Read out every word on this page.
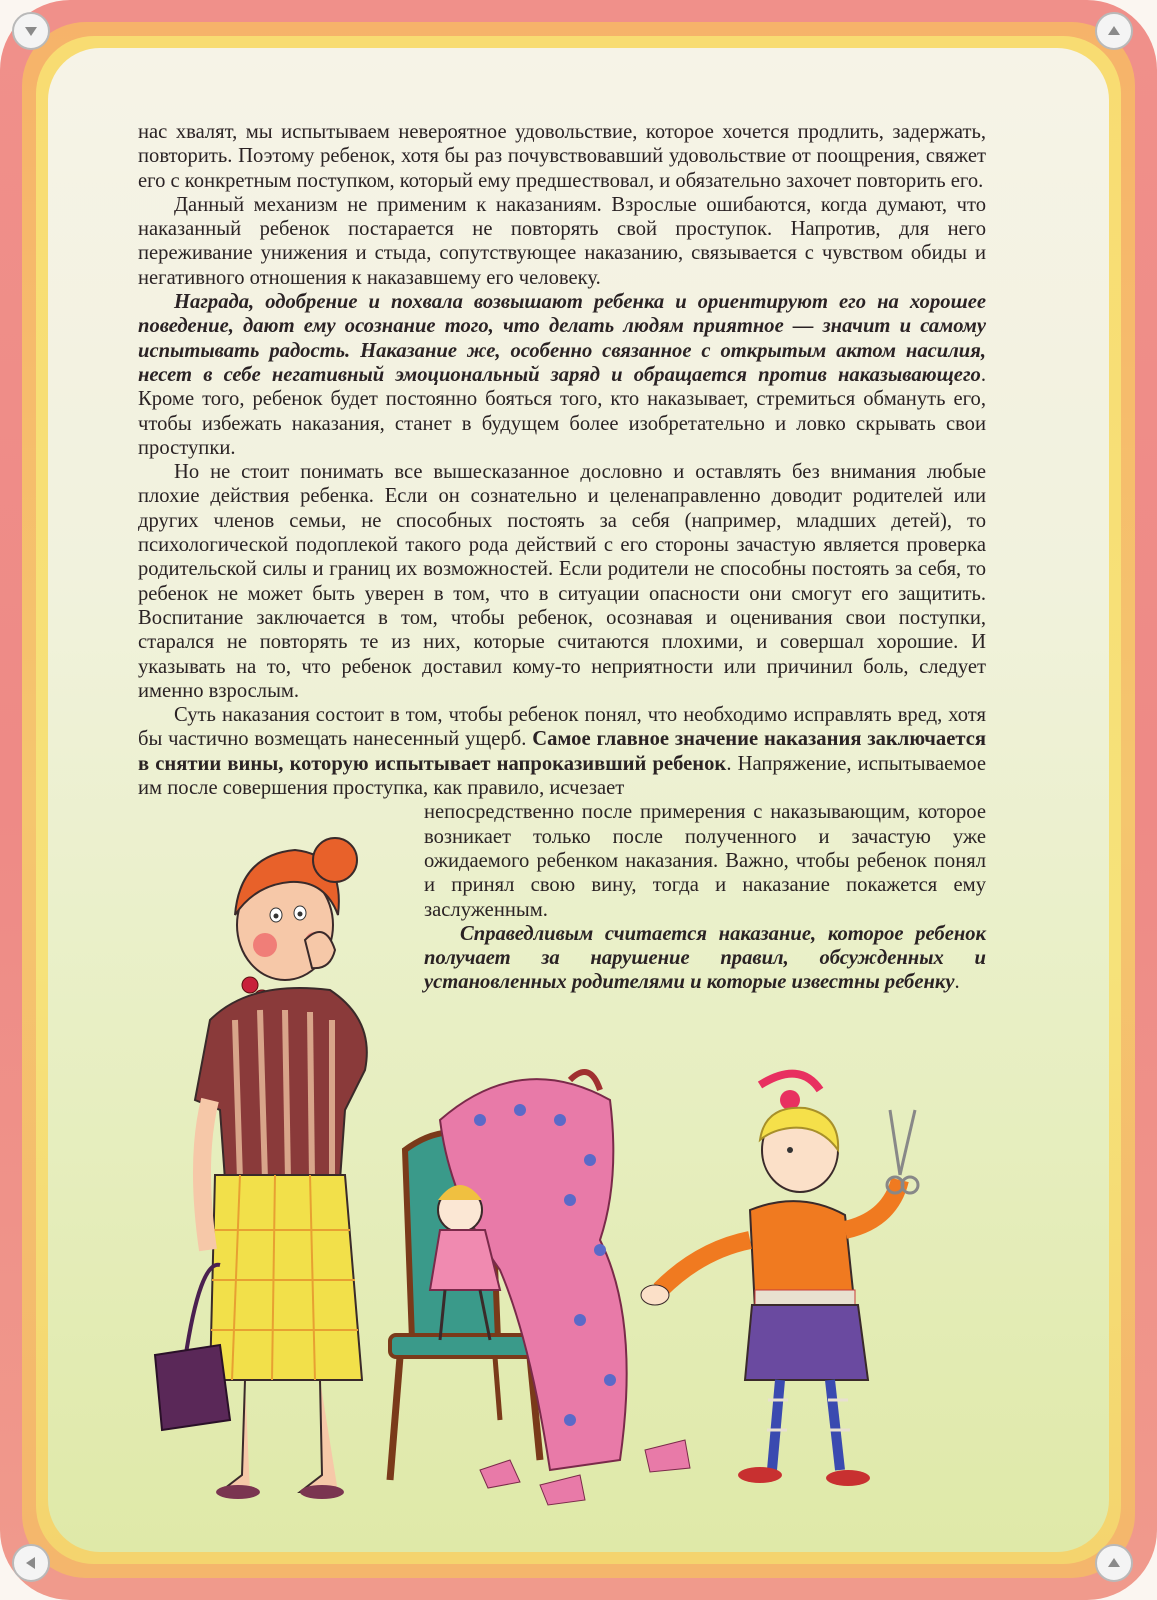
нас хвалят, мы испытываем невероятное удовольствие, которое хочется продлить, задержать, повторить. Поэтому ребенок, хотя бы раз почувствовавший удовольствие от поощрения, свяжет его с конкретным поступком, который ему предшествовал, и обязательно захочет повторить его.

Данный механизм не применим к наказаниям. Взрослые ошибаются, когда думают, что наказанный ребенок постарается не повторять свой проступок. Напротив, для него переживание унижения и стыда, сопутствующее наказанию, связывается с чувством обиды и негативного отношения к наказавшему его человеку.

Награда, одобрение и похвала возвышают ребенка и ориентируют его на хорошее поведение, дают ему осознание того, что делать людям приятное — значит и самому испытывать радость. Наказание же, особенно связанное с открытым актом насилия, несет в себе негативный эмоциональный заряд и обращается против наказывающего. Кроме того, ребенок будет постоянно бояться того, кто наказывает, стремиться обмануть его, чтобы избежать наказания, станет в будущем более изобретательно и ловко скрывать свои проступки.

Но не стоит понимать все вышесказанное дословно и оставлять без внимания любые плохие действия ребенка. Если он сознательно и целенаправленно доводит родителей или других членов семьи, не способных постоять за себя (например, младших детей), то психологической подоплекой такого рода действий с его стороны зачастую является проверка родительской силы и границ их возможностей. Если родители не способны постоять за себя, то ребенок не может быть уверен в том, что в ситуации опасности они смогут его защитить. Воспитание заключается в том, чтобы ребенок, осознавая и оценивания свои поступки, старался не повторять те из них, которые считаются плохими, и совершал хорошие. И указывать на то, что ребенок доставил кому-то неприятности или причинил боль, следует именно взрослым.

Суть наказания состоит в том, чтобы ребенок понял, что необходимо исправлять вред, хотя бы частично возмещать нанесенный ущерб. Самое главное значение наказания заключается в снятии вины, которую испытывает напроказивший ребенок. Напряжение, испытываемое им после совершения проступка, как правило, исчезает

непосредственно после примерения с наказывающим, которое возникает только после полученного и зачастую уже ожидаемого ребенком наказания. Важно, чтобы ребенок понял и принял свою вину, тогда и наказание покажется ему заслуженным.

Справедливым считается наказание, которое ребенок получает за нарушение правил, обсужденных и установленных родителями и которые известны ребенку.
